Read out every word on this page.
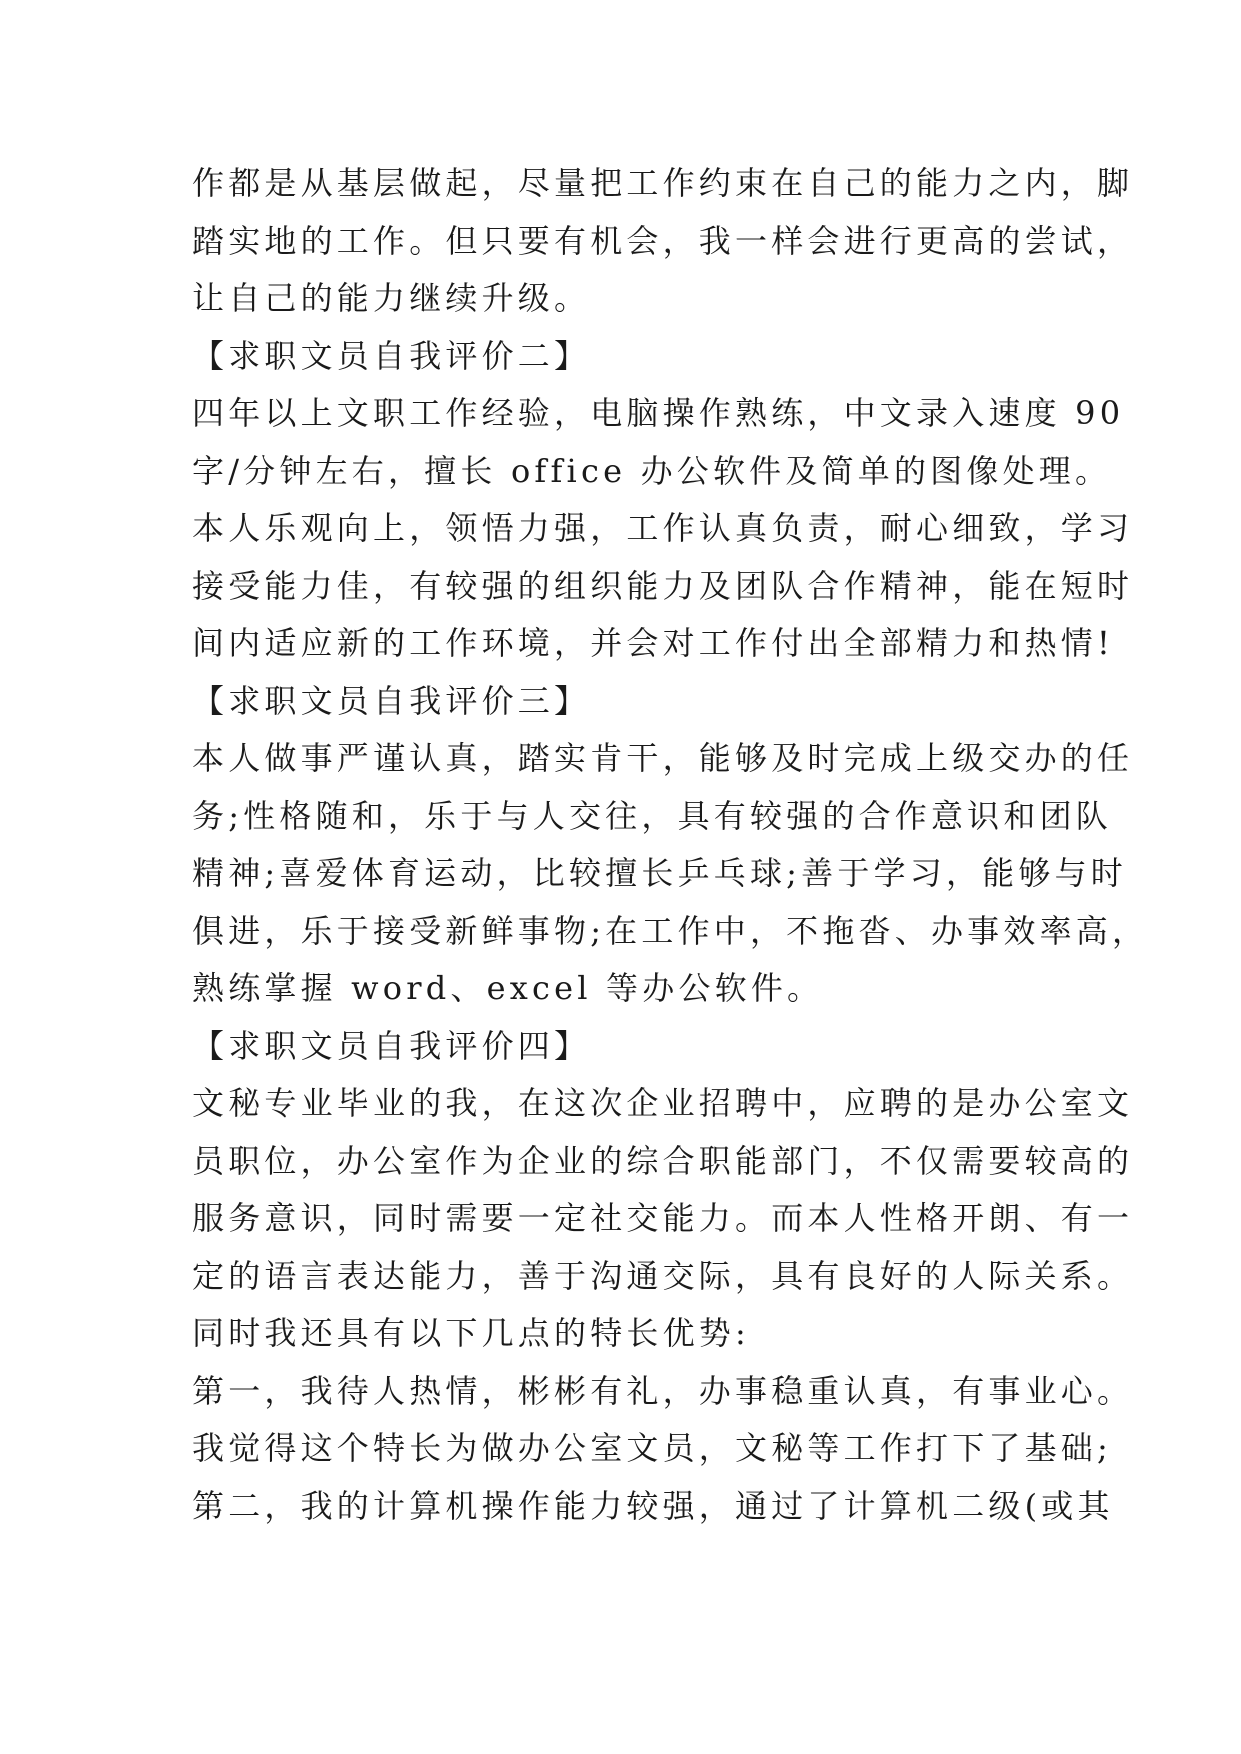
作都是从基层做起，尽量把工作约束在自己的能力之内，脚
踏实地的工作。但只要有机会，我一样会进行更高的尝试，
让自己的能力继续升级。
【求职文员自我评价二】
四年以上文职工作经验，电脑操作熟练，中文录入速度 90
字/分钟左右，擅长 office 办公软件及简单的图像处理。
本人乐观向上，领悟力强，工作认真负责，耐心细致，学习
接受能力佳，有较强的组织能力及团队合作精神，能在短时
间内适应新的工作环境，并会对工作付出全部精力和热情!
【求职文员自我评价三】
本人做事严谨认真，踏实肯干，能够及时完成上级交办的任
务;性格随和，乐于与人交往，具有较强的合作意识和团队
精神;喜爱体育运动，比较擅长乒乓球;善于学习，能够与时
俱进，乐于接受新鲜事物;在工作中，不拖沓、办事效率高，
熟练掌握 word、excel 等办公软件。
【求职文员自我评价四】
文秘专业毕业的我，在这次企业招聘中，应聘的是办公室文
员职位，办公室作为企业的综合职能部门，不仅需要较高的
服务意识，同时需要一定社交能力。而本人性格开朗、有一
定的语言表达能力，善于沟通交际，具有良好的人际关系。
同时我还具有以下几点的特长优势:
第一，我待人热情，彬彬有礼，办事稳重认真，有事业心。
我觉得这个特长为做办公室文员，文秘等工作打下了基础;
第二，我的计算机操作能力较强，通过了计算机二级(或其
